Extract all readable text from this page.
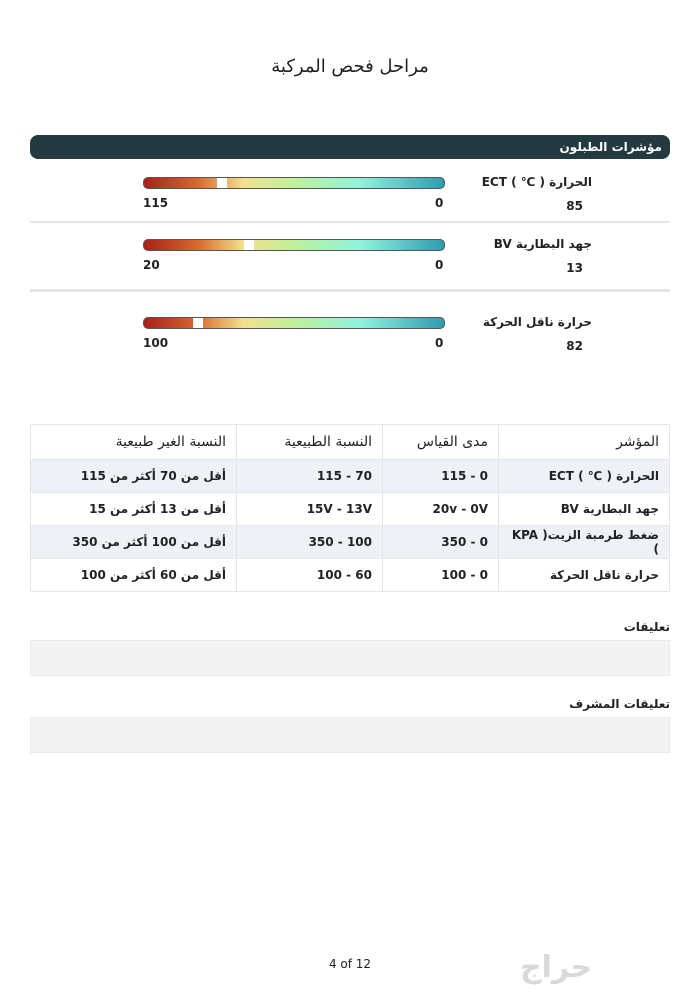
مراحل فحص المركبة
مؤشرات الطبلون
الحرارة ( ℃ ) ECT
85
115	0
جهد البطارية BV
13
20	0
حرارة ناقل الحركة
82
100	0
المؤشر	مدى القياس	النسبة الطبيعية	النسبة الغير طبيعية
الحرارة ( ℃ ) ECT	115 - 0	115 - 70	أقل من 70 أكثر من 115
جهد البطارية BV	20v - 0V	15V - 13V	أقل من 13 أكثر من 15
ضغط طرمبة الزيت( KPA )	350 - 0	350 - 100	أقل من 100 أكثر من 350
حرارة ناقل الحركة	100 - 0	100 - 60	أقل من 60 أكثر من 100
تعليقات
تعليقات المشرف
4 of 12	حراج
